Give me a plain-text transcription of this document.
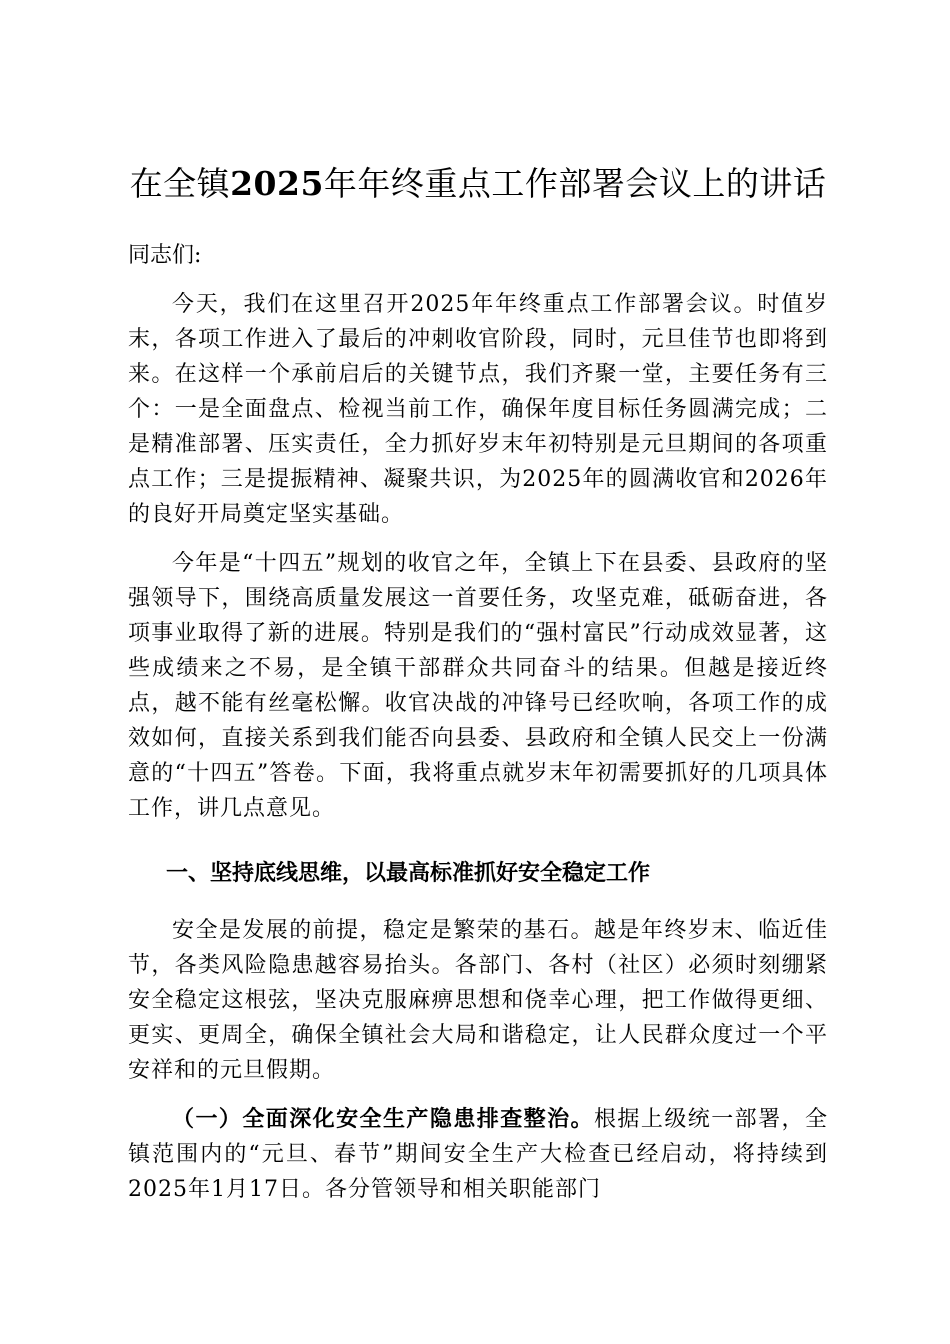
在全镇2025年年终重点工作部署会议上的讲话
同志们:

今天，我们在这里召开2025年年终重点工作部署会议。时值岁末，各项工作进入了最后的冲刺收官阶段，同时，元旦佳节也即将到来。在这样一个承前启后的关键节点，我们齐聚一堂，主要任务有三个：一是全面盘点、检视当前工作，确保年度目标任务圆满完成；二是精准部署、压实责任，全力抓好岁末年初特别是元旦期间的各项重点工作；三是提振精神、凝聚共识，为2025年的圆满收官和2026年的良好开局奠定坚实基础。

今年是“十四五”规划的收官之年，全镇上下在县委、县政府的坚强领导下，围绕高质量发展这一首要任务，攻坚克难，砥砺奋进，各项事业取得了新的进展。特别是我们的“强村富民”行动成效显著，这些成绩来之不易，是全镇干部群众共同奋斗的结果。但越是接近终点，越不能有丝毫松懈。收官决战的冲锋号已经吹响，各项工作的成效如何，直接关系到我们能否向县委、县政府和全镇人民交上一份满意的“十四五”答卷。下面，我将重点就岁末年初需要抓好的几项具体工作，讲几点意见。

一、坚持底线思维，以最高标准抓好安全稳定工作

安全是发展的前提，稳定是繁荣的基石。越是年终岁末、临近佳节，各类风险隐患越容易抬头。各部门、各村（社区）必须时刻绷紧安全稳定这根弦，坚决克服麻痹思想和侥幸心理，把工作做得更细、更实、更周全，确保全镇社会大局和谐稳定，让人民群众度过一个平安祥和的元旦假期。

（一）全面深化安全生产隐患排查整治。根据上级统一部署，全镇范围内的“元旦、春节”期间安全生产大检查已经启动，将持续到2025年1月17日。各分管领导和相关职能部门
